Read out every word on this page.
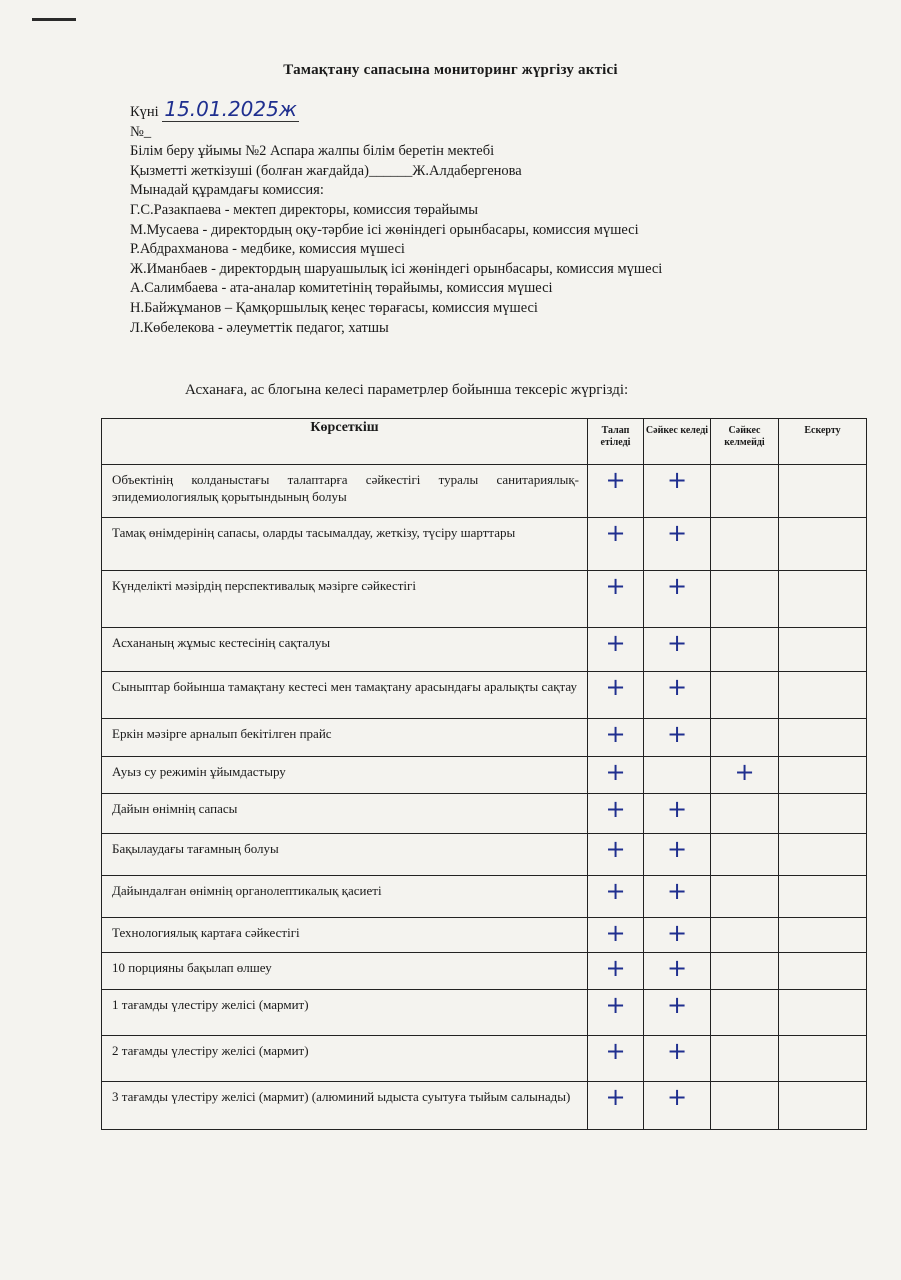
Тамақтану сапасына мониторинг жүргізу актісі
Күні 15.01.2025ж
№_
Білім беру ұйымы №2 Аспара жалпы білім беретін мектебі
Қызметті жеткізуші (болған жағдайда)______Ж.Алдабергенова
Мынадай құрамдағы комиссия:
Г.С.Разакпаева - мектеп директоры, комиссия төрайымы
М.Мусаева - директордың оқу-тәрбие ісі жөніндегі орынбасары, комиссия мүшесі
Р.Абдрахманова - медбике, комиссия мүшесі
Ж.Иманбаев - директордың шаруашылық ісі жөніндегі орынбасары, комиссия мүшесі
А.Салимбаева - ата-аналар комитетінің төрайымы, комиссия мүшесі
Н.Байжұманов – Қамқоршылық кеңес төрағасы, комиссия мүшесі
Л.Көбелекова - әлеуметтік педагог, хатшы
Асханаға, ас блогына келесі параметрлер бойынша тексеріс жүргізді:
Көрсеткіш	Талап етіледі	Сәйкес келеді	Сәйкес келмейді	Ескерту
Объектінің колданыстағы талаптарға сәйкестігі туралы санитариялық-эпидемиологиялық қорытындының болуы	+	+		
Тамақ өнімдерінің сапасы, оларды тасымалдау, жеткізу, түсіру шарттары	+	+		
Күнделікті мәзірдің перспективалық мәзірге сәйкестігі	+	+		
Асхананың жұмыс кестесінің сақталуы	+	+		
Сыныптар бойынша тамақтану кестесі мен тамақтану арасындағы аралықты сақтау	+	+		
Еркін мәзірге арналып бекітілген прайс	+	+		
Ауыз су режимін ұйымдастыру	+		+	
Дайын өнімнің сапасы	+	+		
Бақылаудағы тағамның болуы	+	+		
Дайындалған өнімнің органолептикалық қасиеті	+	+		
Технологиялық картаға сәйкестігі	+	+		
10 порцияны бақылап өлшеу	+	+		
1 тағамды үлестіру желісі (мармит)	+	+		
2 тағамды үлестіру желісі (мармит)	+	+		
3 тағамды үлестіру желісі (мармит) (алюминий ыдыста суытуға тыйым салынады)	+	+		
